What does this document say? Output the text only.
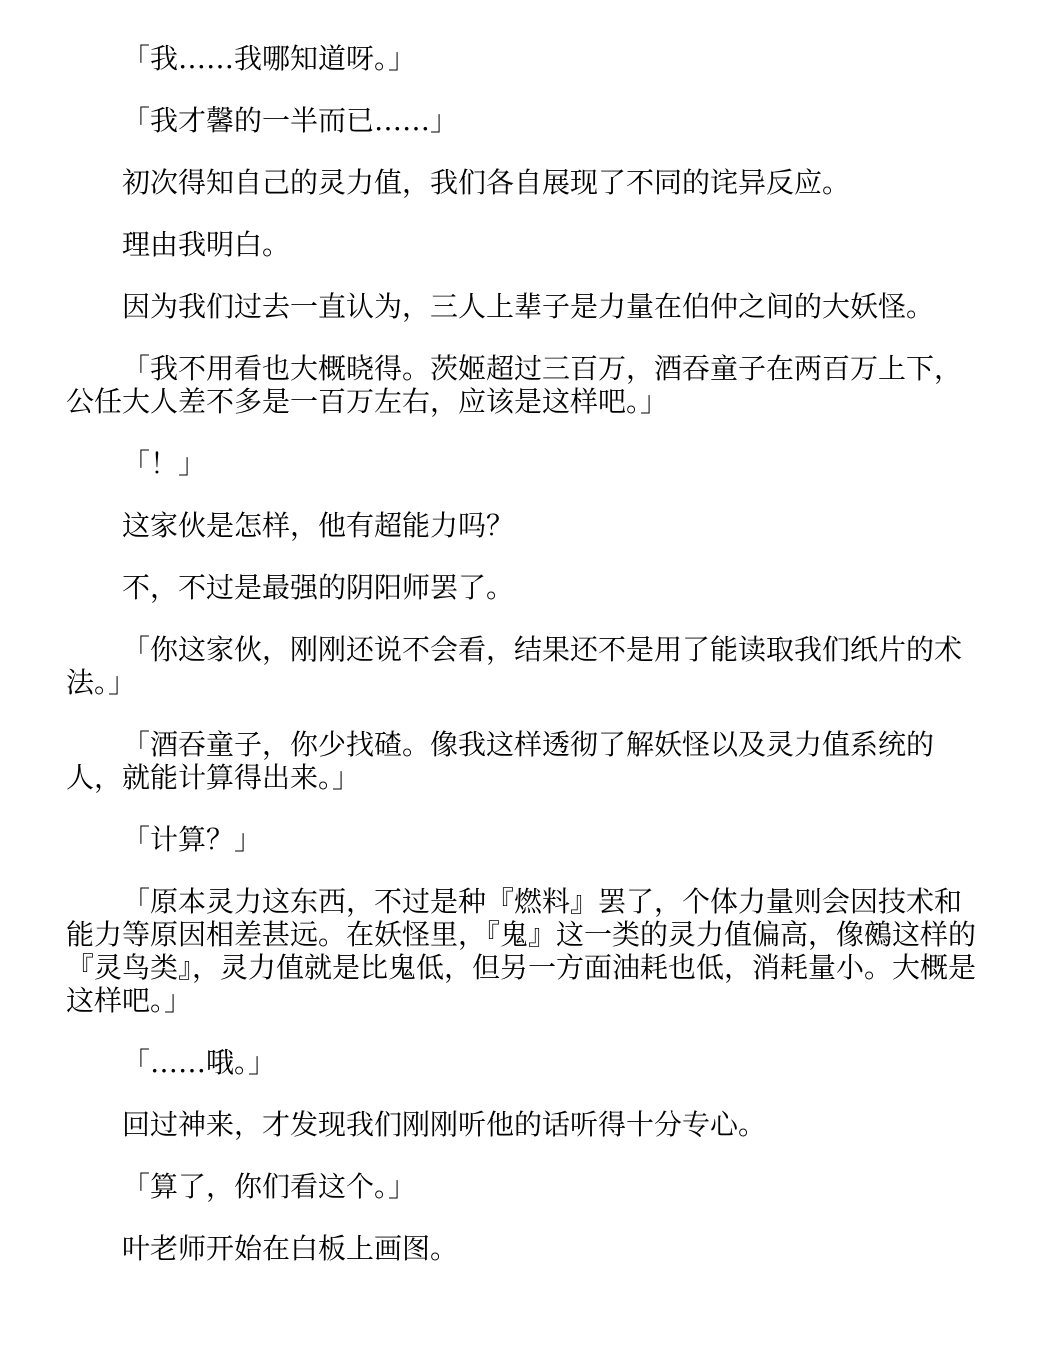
「我……我哪知道呀。」

「我才馨的一半而已……」

初次得知自己的灵力值，我们各自展现了不同的诧异反应。

理由我明白。

因为我们过去一直认为，三人上辈子是力量在伯仲之间的大妖怪。

「我不用看也大概晓得。茨姬超过三百万，酒吞童子在两百万上下，公任大人差不多是一百万左右，应该是这样吧。」

「！」

这家伙是怎样，他有超能力吗？

不，不过是最强的阴阳师罢了。

「你这家伙，刚刚还说不会看，结果还不是用了能读取我们纸片的术法。」

「酒吞童子，你少找碴。像我这样透彻了解妖怪以及灵力值系统的人，就能计算得出来。」

「计算？」

「原本灵力这东西，不过是种『燃料』罢了，个体力量则会因技术和能力等原因相差甚远。在妖怪里，『鬼』这一类的灵力值偏高，像鵺这样的『灵鸟类』，灵力值就是比鬼低，但另一方面油耗也低，消耗量小。大概是这样吧。」

「……哦。」

回过神来，才发现我们刚刚听他的话听得十分专心。

「算了，你们看这个。」

叶老师开始在白板上画图。
